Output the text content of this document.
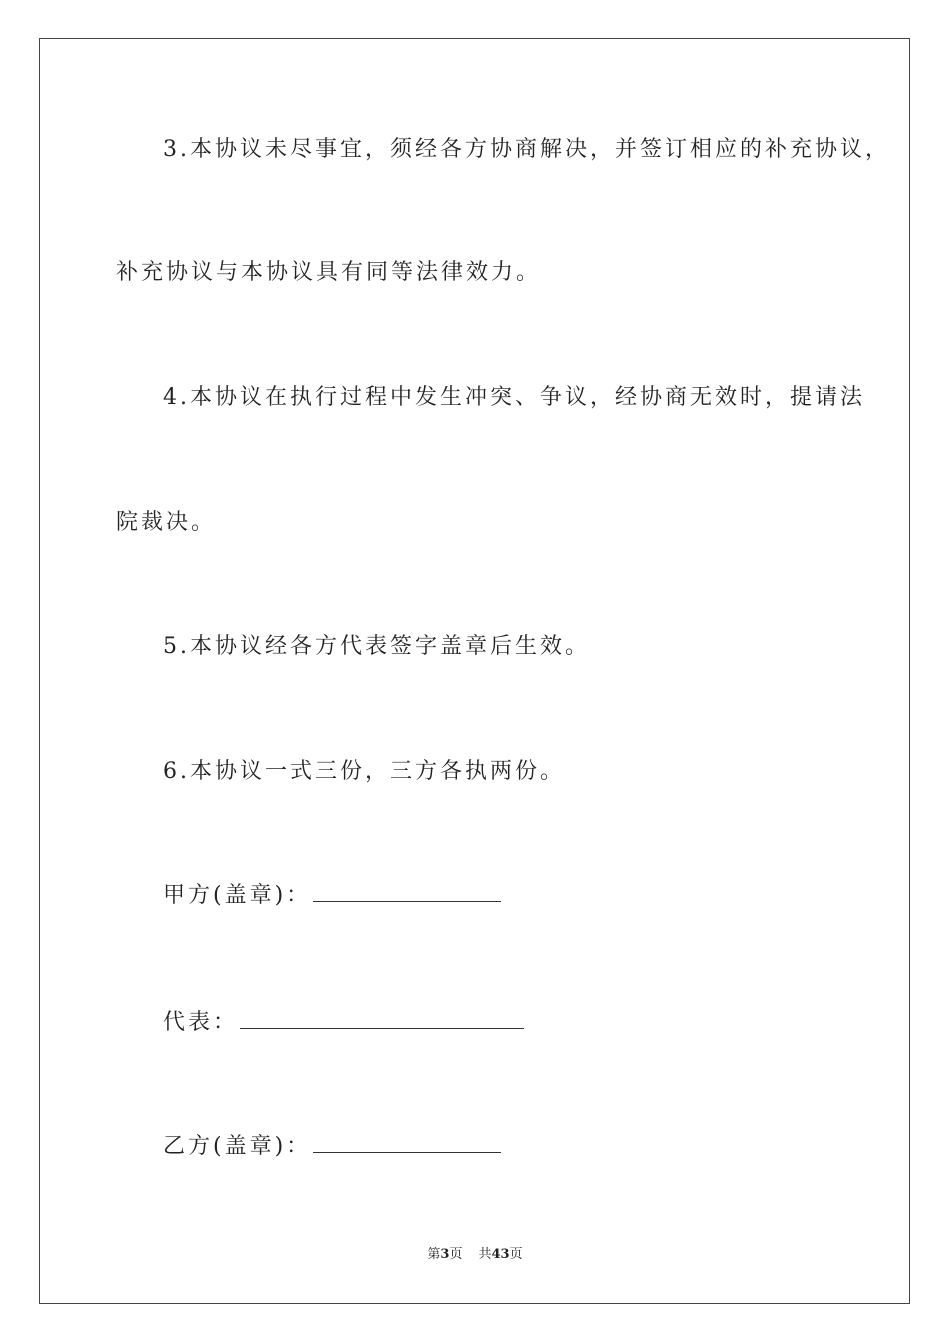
3.本协议未尽事宜，须经各方协商解决，并签订相应的补充协议，
补充协议与本协议具有同等法律效力。
4.本协议在执行过程中发生冲突、争议，经协商无效时，提请法
院裁决。
5.本协议经各方代表签字盖章后生效。
6.本协议一式三份，三方各执两份。
甲方(盖章)：
代表：
乙方(盖章)：
第3页 共43页
